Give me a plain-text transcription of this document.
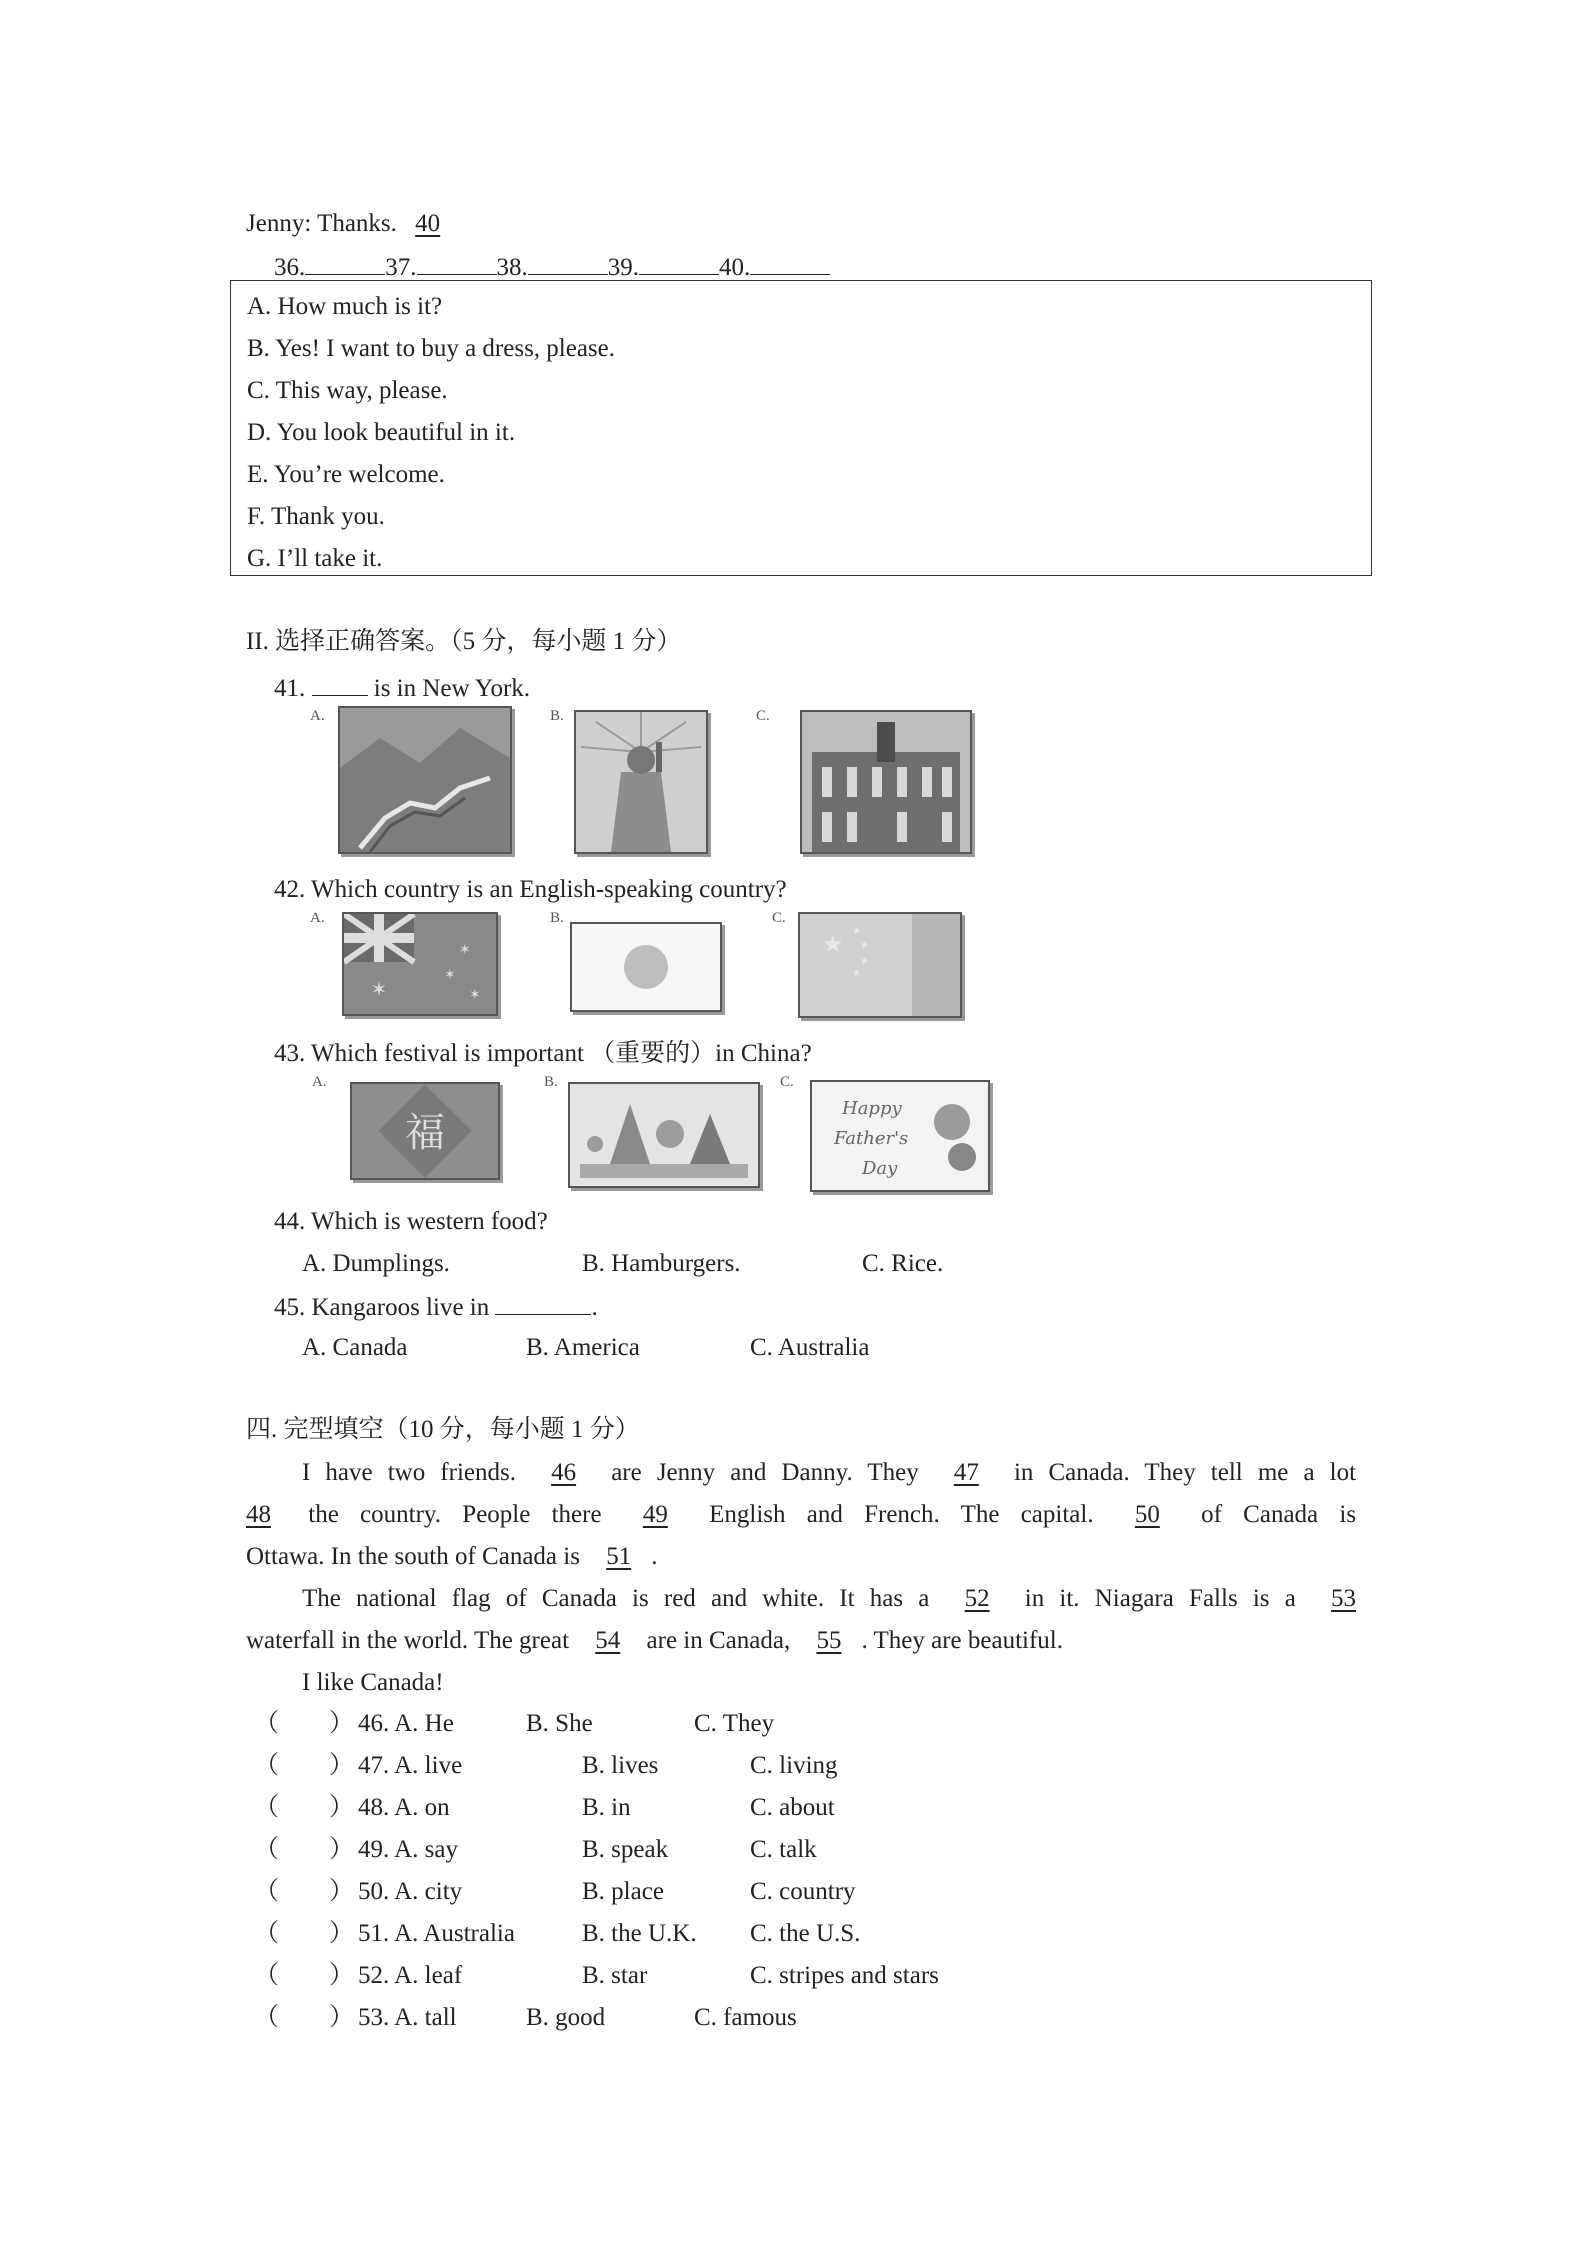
Jenny: Thanks. 40
36.	37.	38.	39.	40.
A. How much is it?
B. Yes! I want to buy a dress, please.
C. This way, please.
D. You look beautiful in it.
E. You’re welcome.
F. Thank you.
G. I’ll take it.
II. 选择正确答案。（5 分，每小题 1 分）
41.	is in New York.
A.	B.	C.
42. Which country is an English-speaking country?
A.	B.	C.
✶
✶
✶
✶
★ ★
★
★
★
43. Which festival is important （重要的）in China?
A.	B.	C.
福
Happy
Father's
Day
44. Which is western food?
A. Dumplings.	B. Hamburgers.	C. Rice.
45. Kangaroos live in	.
A. Canada	B. America	C. Australia
四. 完型填空（10 分，每小题 1 分）
I have two friends. 46 are Jenny and Danny. They 47 in Canada. They tell me a lot
48 the country. People there 49 English and French. The capital. 50 of Canada is
Ottawa. In the south of Canada is 51 .
The national flag of Canada is red and white. It has a 52 in it. Niagara Falls is a 53
waterfall in the world. The great 54 are in Canada, 55 . They are beautiful.
I like Canada!
（　　） 46. A. He	B. She	C. They
（　　） 47. A. live	B. lives	C. living
（　　） 48. A. on	B. in	C. about
（　　） 49. A. say	B. speak	C. talk
（　　） 50. A. city	B. place	C. country
（　　） 51. A. Australia	B. the U.K. C. the U.S.
（　　） 52. A. leaf	B. star	C. stripes and stars
（　　） 53. A. tall	B. good	C. famous
